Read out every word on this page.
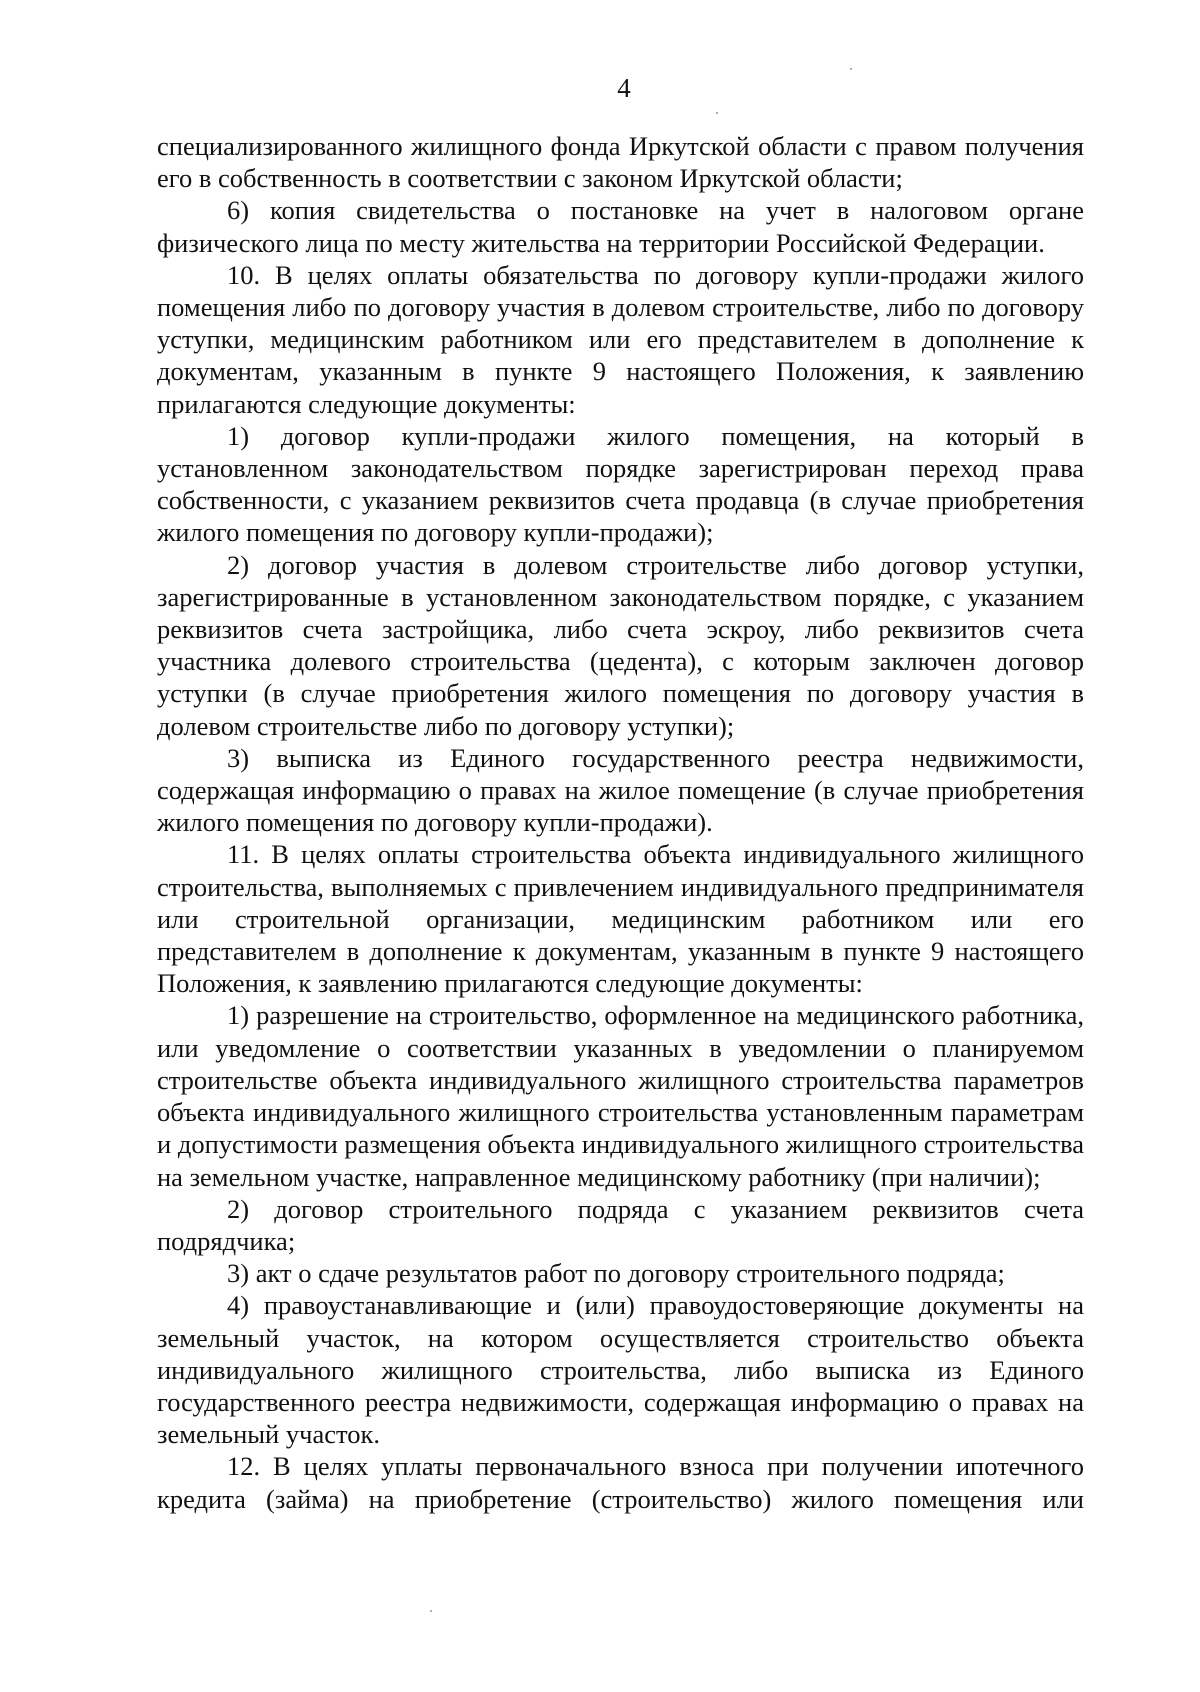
4

специализированного жилищного фонда Иркутской области с правом получения его в собственность в соответствии с законом Иркутской области;

6) копия свидетельства о постановке на учет в налоговом органе физического лица по месту жительства на территории Российской Федерации.

10. В целях оплаты обязательства по договору купли-продажи жилого помещения либо по договору участия в долевом строительстве, либо по договору уступки, медицинским работником или его представителем в дополнение к документам, указанным в пункте 9 настоящего Положения, к заявлению прилагаются следующие документы:

1) договор купли-продажи жилого помещения, на который в установленном законодательством порядке зарегистрирован переход права собственности, с указанием реквизитов счета продавца (в случае приобретения жилого помещения по договору купли-продажи);

2) договор участия в долевом строительстве либо договор уступки, зарегистрированные в установленном законодательством порядке, с указанием реквизитов счета застройщика, либо счета эскроу, либо реквизитов счета участника долевого строительства (цедента), с которым заключен договор уступки (в случае приобретения жилого помещения по договору участия в долевом строительстве либо по договору уступки);

3) выписка из Единого государственного реестра недвижимости, содержащая информацию о правах на жилое помещение (в случае приобретения жилого помещения по договору купли-продажи).

11. В целях оплаты строительства объекта индивидуального жилищного строительства, выполняемых с привлечением индивидуального предпринимателя или строительной организации, медицинским работником или его представителем в дополнение к документам, указанным в пункте 9 настоящего Положения, к заявлению прилагаются следующие документы:

1) разрешение на строительство, оформленное на медицинского работника, или уведомление о соответствии указанных в уведомлении о планируемом строительстве объекта индивидуального жилищного строительства параметров объекта индивидуального жилищного строительства установленным параметрам и допустимости размещения объекта индивидуального жилищного строительства на земельном участке, направленное медицинскому работнику (при наличии);

2) договор строительного подряда с указанием реквизитов счета подрядчика;

3) акт о сдаче результатов работ по договору строительного подряда;

4) правоустанавливающие и (или) правоудостоверяющие документы на земельный участок, на котором осуществляется строительство объекта индивидуального жилищного строительства, либо выписка из Единого государственного реестра недвижимости, содержащая информацию о правах на земельный участок.

12. В целях уплаты первоначального взноса при получении ипотечного кредита (займа) на приобретение (строительство) жилого помещения или
